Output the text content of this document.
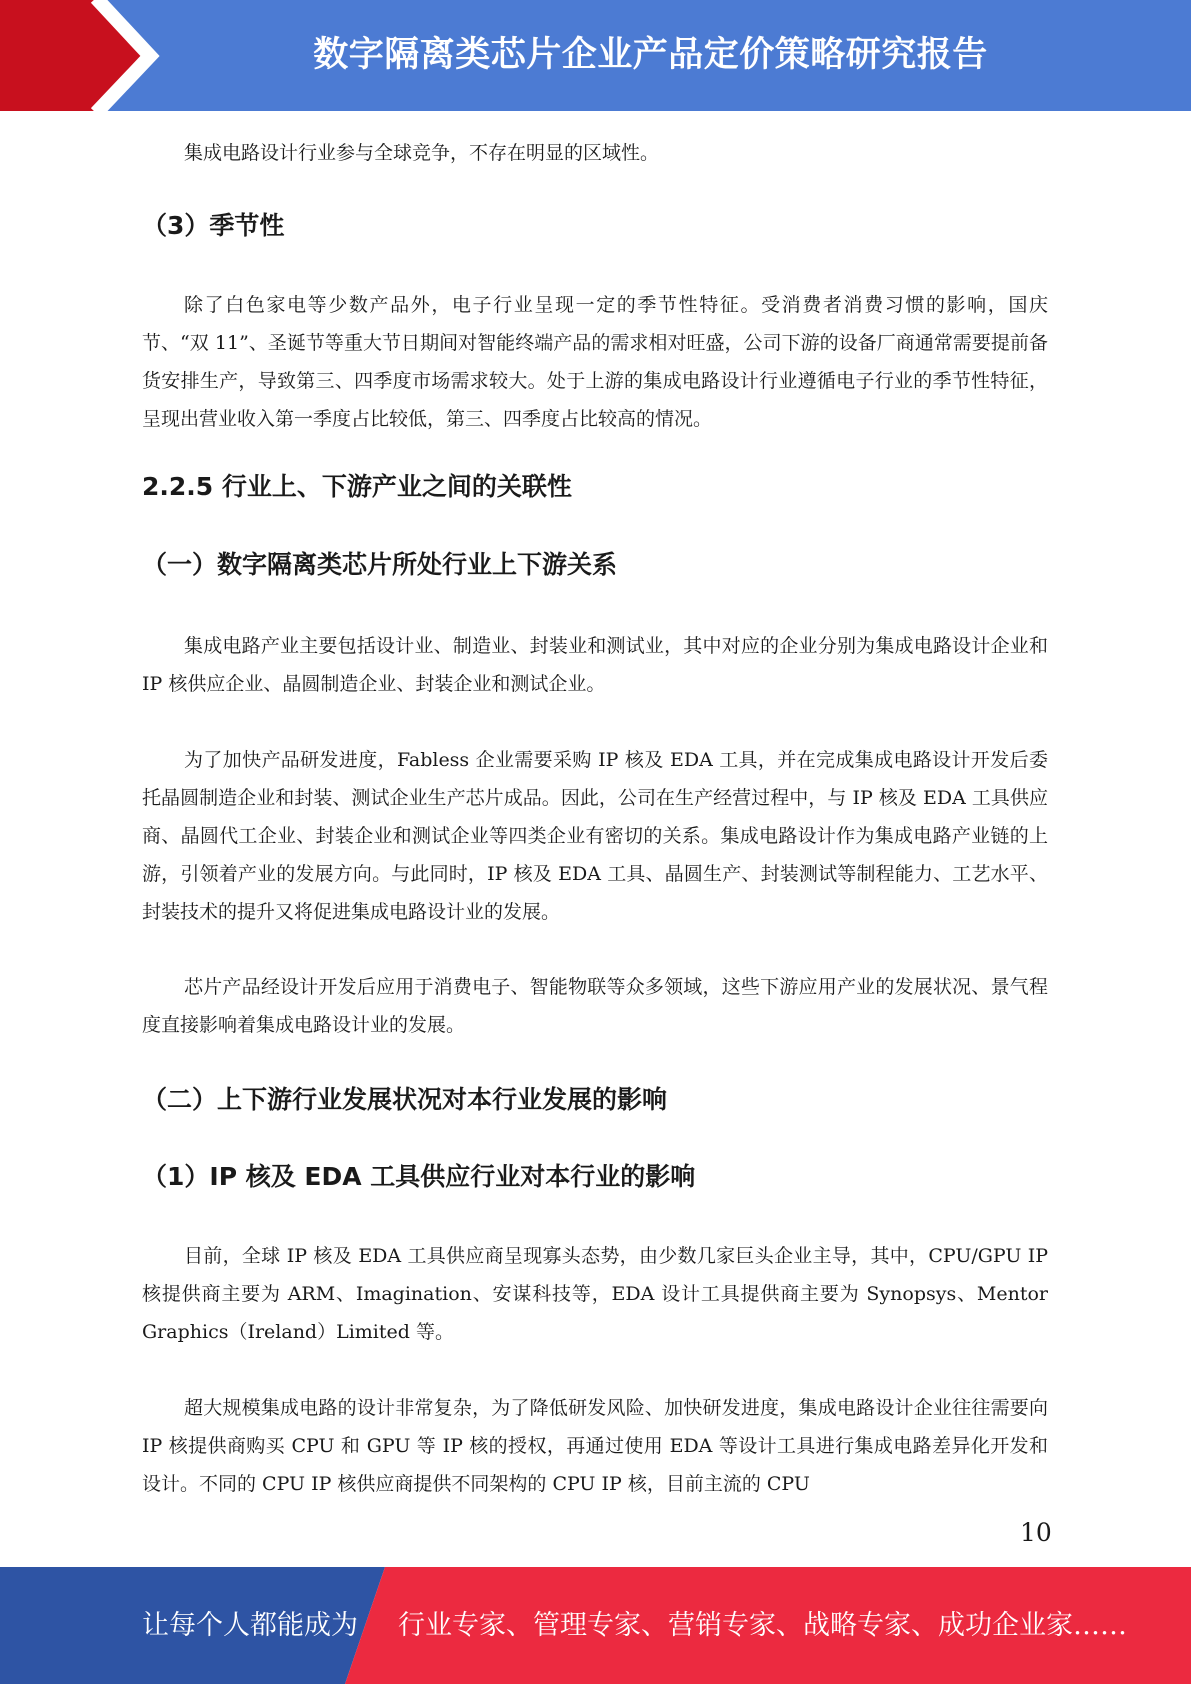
数字隔离类芯片企业产品定价策略研究报告

集成电路设计行业参与全球竞争，不存在明显的区域性。

（3）季节性

除了白色家电等少数产品外，电子行业呈现一定的季节性特征。受消费者消费习惯的影响，国庆节、“双 11”、圣诞节等重大节日期间对智能终端产品的需求相对旺盛，公司下游的设备厂商通常需要提前备货安排生产，导致第三、四季度市场需求较大。处于上游的集成电路设计行业遵循电子行业的季节性特征，呈现出营业收入第一季度占比较低，第三、四季度占比较高的情况。

2.2.5 行业上、下游产业之间的关联性
（一）数字隔离类芯片所处行业上下游关系

集成电路产业主要包括设计业、制造业、封装业和测试业，其中对应的企业分别为集成电路设计企业和 IP 核供应企业、晶圆制造企业、封装企业和测试企业。

为了加快产品研发进度，Fabless 企业需要采购 IP 核及 EDA 工具，并在完成集成电路设计开发后委托晶圆制造企业和封装、测试企业生产芯片成品。因此，公司在生产经营过程中，与 IP 核及 EDA 工具供应商、晶圆代工企业、封装企业和测试企业等四类企业有密切的关系。集成电路设计作为集成电路产业链的上游，引领着产业的发展方向。与此同时，IP 核及 EDA 工具、晶圆生产、封装测试等制程能力、工艺水平、封装技术的提升又将促进集成电路设计业的发展。

芯片产品经设计开发后应用于消费电子、智能物联等众多领域，这些下游应用产业的发展状况、景气程度直接影响着集成电路设计业的发展。

（二）上下游行业发展状况对本行业发展的影响
（1）IP 核及 EDA 工具供应行业对本行业的影响

目前，全球 IP 核及 EDA 工具供应商呈现寡头态势，由少数几家巨头企业主导，其中，CPU/GPU IP 核提供商主要为 ARM、Imagination、安谋科技等，EDA 设计工具提供商主要为 Synopsys、Mentor Graphics（Ireland）Limited 等。

超大规模集成电路的设计非常复杂，为了降低研发风险、加快研发进度，集成电路设计企业往往需要向 IP 核提供商购买 CPU 和 GPU 等 IP 核的授权，再通过使用 EDA 等设计工具进行集成电路差异化开发和设计。不同的 CPU IP 核供应商提供不同架构的 CPU IP 核，目前主流的 CPU

10
让每个人都能成为 行业专家、管理专家、营销专家、战略专家、成功企业家……
